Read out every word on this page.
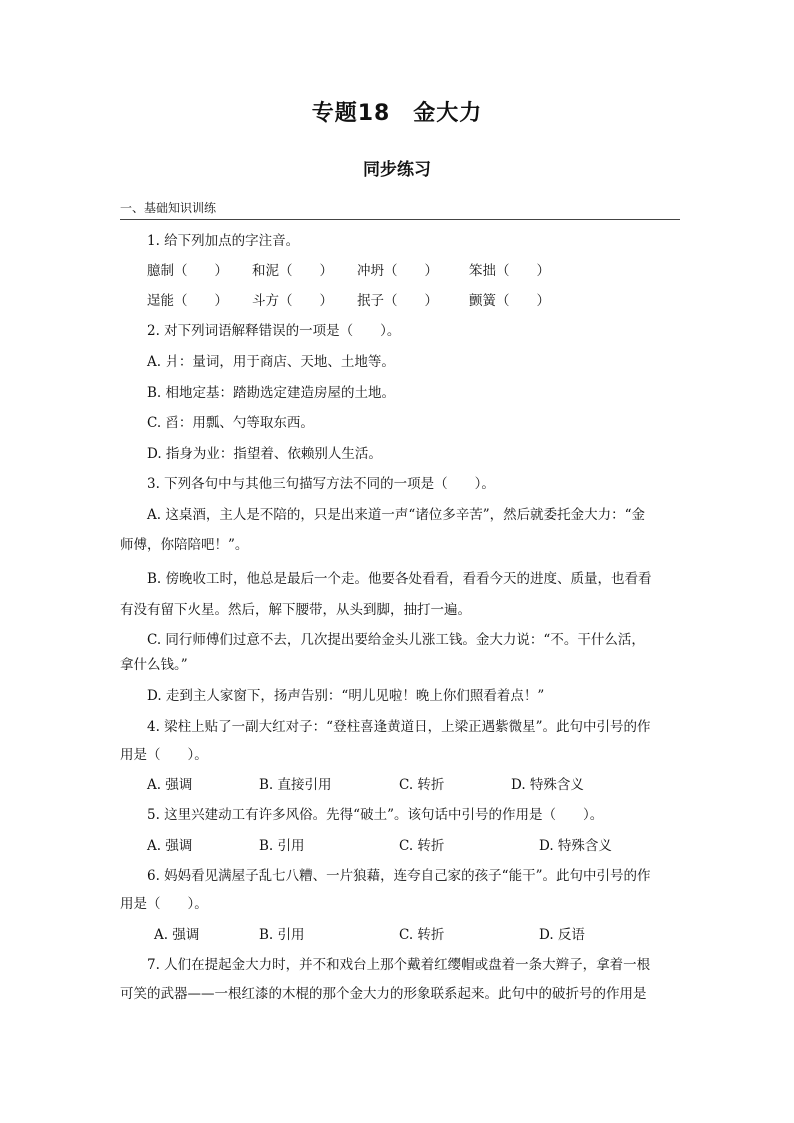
专题18　金大力
同步练习
一、基础知识训练
1. 给下列加点的字注音。
臆制（　　） 和泥（　　） 冲坍（　　） 笨拙（　　）
逞能（　　） 斗方（　　） 抿子（　　） 颤簧（　　）
2. 对下列词语解释错误的一项是（　　）。
A. 爿：量词，用于商店、天地、土地等。
B. 相地定基：踏勘选定建造房屋的土地。
C. 舀：用瓢、勺等取东西。
D. 指身为业：指望着、依赖别人生活。
3. 下列各句中与其他三句描写方法不同的一项是（　　）。
A. 这桌酒，主人是不陪的，只是出来道一声“诸位多辛苦”，然后就委托金大力：“金
师傅，你陪陪吧！”。
B. 傍晚收工时，他总是最后一个走。他要各处看看，看看今天的进度、质量，也看看
有没有留下火星。然后，解下腰带，从头到脚，抽打一遍。
C. 同行师傅们过意不去，几次提出要给金头儿涨工钱。金大力说：“不。干什么活，
拿什么钱。”
D. 走到主人家窗下，扬声告别：“明儿见啦！晚上你们照看着点！”
4. 梁柱上贴了一副大红对子：“登柱喜逢黄道日，上梁正遇紫微星”。此句中引号的作
用是（　　）。
A. 强调	B. 直接引用	C. 转折	D. 特殊含义
5. 这里兴建动工有许多风俗。先得“破土”。该句话中引号的作用是（　　）。
A. 强调	B. 引用	C. 转折	D. 特殊含义
6. 妈妈看见满屋子乱七八糟、一片狼藉，连夸自己家的孩子“能干”。此句中引号的作
用是（　　）。
A. 强调	B. 引用	C. 转折	D. 反语
7. 人们在提起金大力时，并不和戏台上那个戴着红缨帽或盘着一条大辫子，拿着一根
可笑的武器——一根红漆的木棍的那个金大力的形象联系起来。此句中的破折号的作用是
